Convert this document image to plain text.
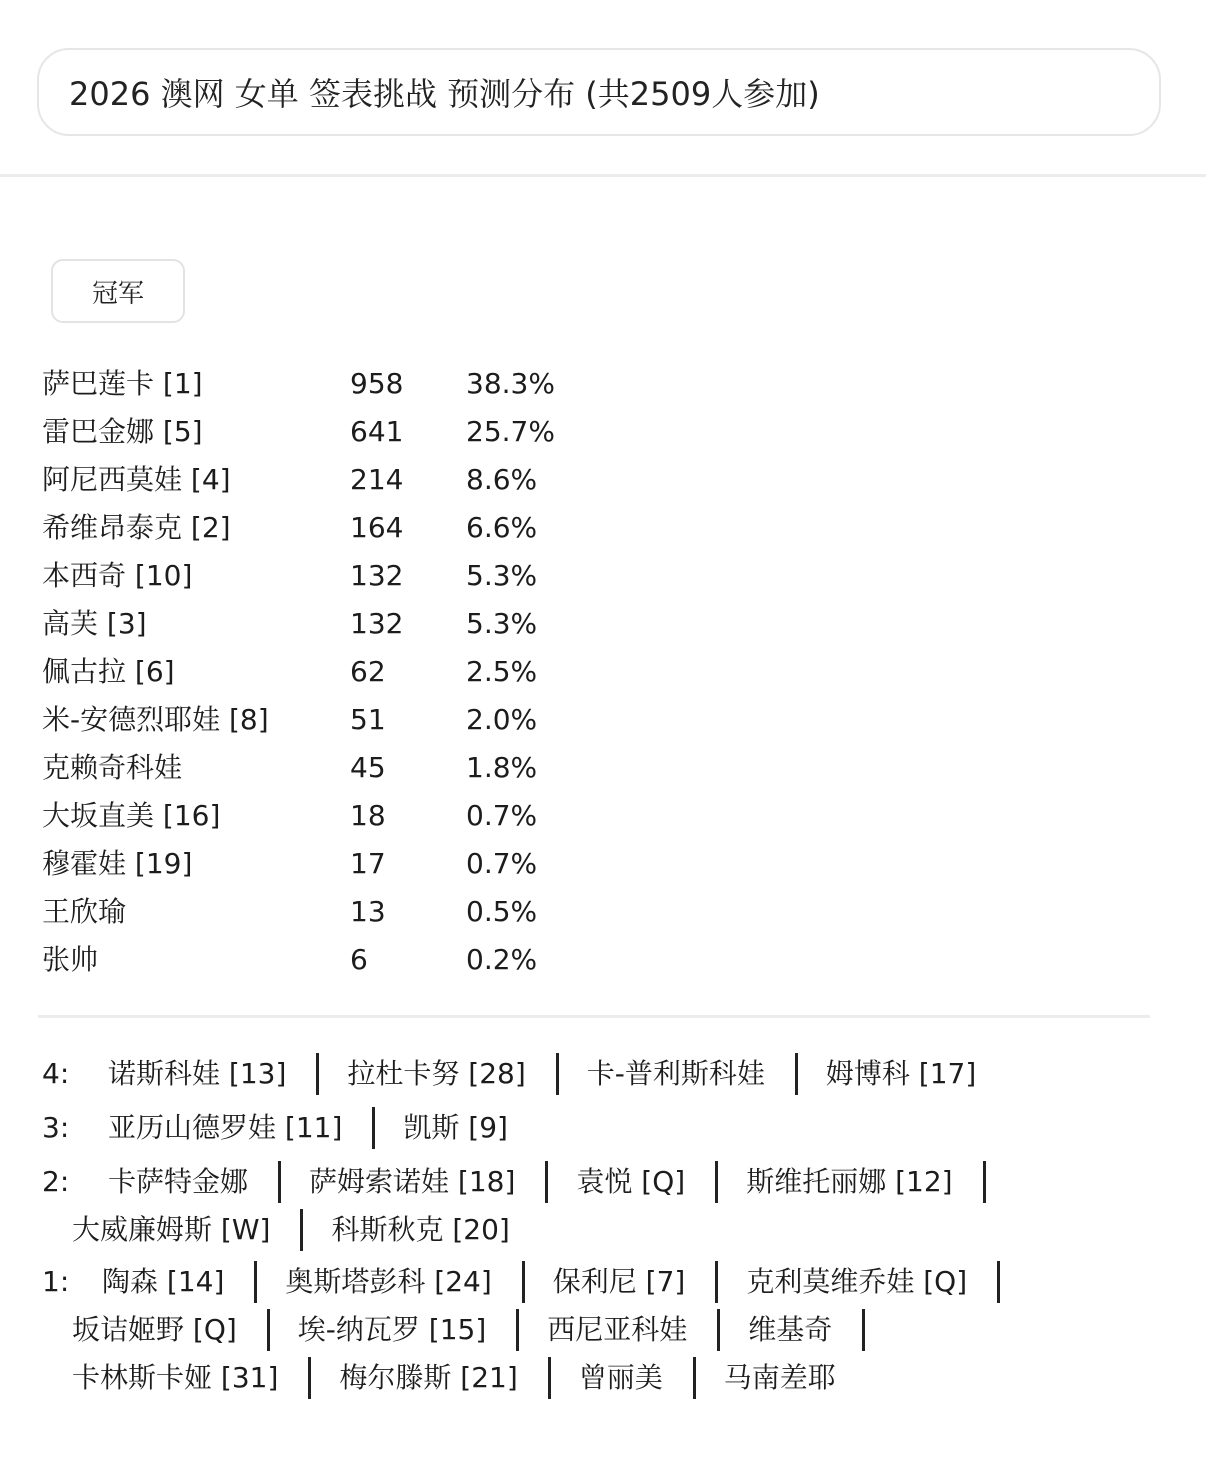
2026 澳网 女单 签表挑战 预测分布 (共2509人参加)
冠军
萨巴莲卡 [1]	958 38.3%
雷巴金娜 [5]	641 25.7%
阿尼西莫娃 [4]	214 8.6%
希维昂泰克 [2]	164 6.6%
本西奇 [10]	132 5.3%
高芙 [3]	132 5.3%
佩古拉 [6]	62	2.5%
米-安德烈耶娃 [8]	51	2.0%
克赖奇科娃	45	1.8%
大坂直美 [16]	18	0.7%
穆霍娃 [19]	17	0.7%
王欣瑜	13	0.5%
张帅	6	0.2%
4:	诺斯科娃 [13] 拉杜卡努 [28] 卡-普利斯科娃 姆博科 [17]
3:	亚历山德罗娃 [11] 凯斯 [9]
2:	卡萨特金娜 萨姆索诺娃 [18] 袁悦 [Q] 斯维托丽娜 [12]
大威廉姆斯 [W] 科斯秋克 [20]
1:	陶森 [14] 奥斯塔彭科 [24] 保利尼 [7] 克利莫维乔娃 [Q]
坂诘姬野 [Q] 埃-纳瓦罗 [15] 西尼亚科娃 维基奇
卡林斯卡娅 [31] 梅尔滕斯 [21] 曾丽美 马南差耶
